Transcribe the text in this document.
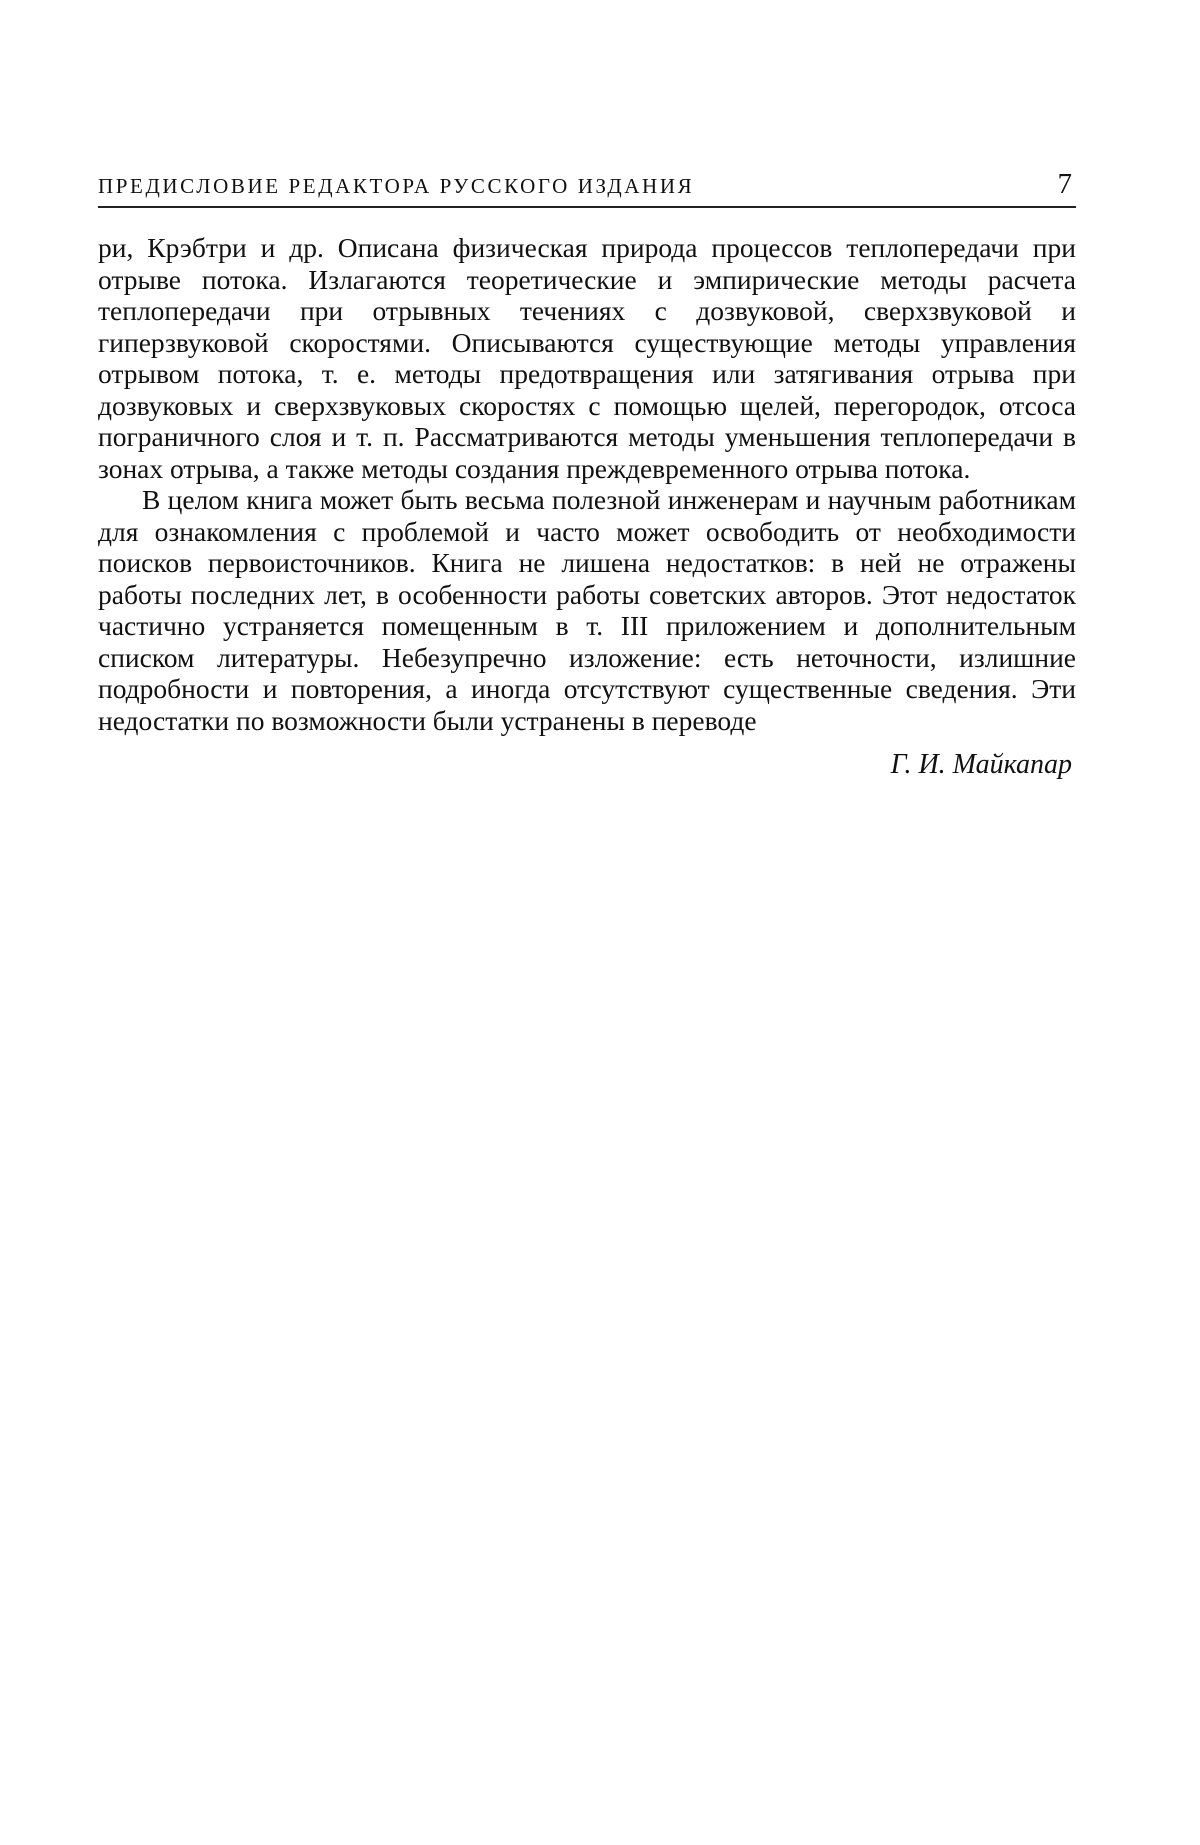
ПРЕДИСЛОВИЕ РЕДАКТОРА РУССКОГО ИЗДАНИЯ	7

ри, Крэбтри и др. Описана физическая природа процессов теплопередачи при отрыве потока. Излагаются теоретические и эмпирические методы расчета теплопередачи при отрывных течениях с дозвуковой, сверхзвуковой и гиперзвуковой скоростями. Описываются существующие методы управления отрывом потока, т. е. методы предотвращения или затягивания отрыва при дозвуковых и сверхзвуковых скоростях с помощью щелей, перегородок, отсоса пограничного слоя и т. п. Рассматриваются методы уменьшения теплопередачи в зонах отрыва, а также методы создания преждевременного отрыва потока.

В целом книга может быть весьма полезной инженерам и научным работникам для ознакомления с проблемой и часто может освободить от необходимости поисков первоисточников. Книга не лишена недостатков: в ней не отражены работы последних лет, в особенности работы советских авторов. Этот недостаток частично устраняется помещенным в т. III приложением и дополнительным списком литературы. Небезупречно изложение: есть неточности, излишние подробности и повторения, а иногда отсутствуют существенные сведения. Эти недостатки по возможности были устранены в переводе

Г. И. Майкапар
